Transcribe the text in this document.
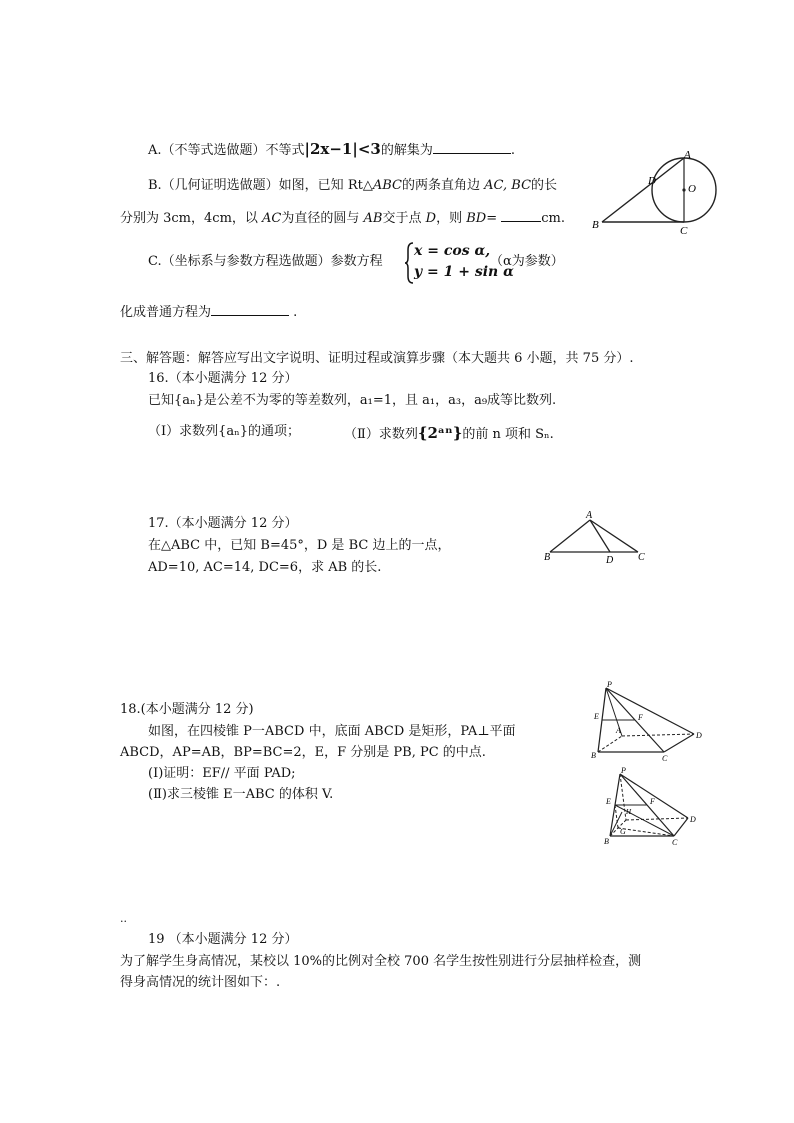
A.（不等式选做题）不等式|2x−1|<3的解集为	.	A
D
O
B	C
B.（几何证明选做题）如图，已知 Rt△ABC的两条直角边 AC, BC的长
分别为 3cm，4cm，以 AC为直径的圆与 AB交于点 D，则 BD=	cm.
C.（坐标系与参数方程选做题）参数方程
x = cos α,
y = 1 + sin α
（α为参数）
化成普通方程为	.
三、解答题：解答应写出文字说明、证明过程或演算步骤（本大题共 6 小题，共 75 分）.
16.（本小题满分 12 分）
已知{aₙ}是公差不为零的等差数列，a₁=1，且 a₁，a₃，a₉成等比数列.
（Ⅰ）求数列{aₙ}的通项；	（Ⅱ）求数列{2ᵃⁿ}的前 n 项和 Sₙ.
17.（本小题满分 12 分）
在△ABC 中，已知 B=45°，D 是 BC 边上的一点，
AD=10, AC=14, DC=6，求 AB 的长.
A
B	D C
18.(本小题满分 12 分)
如图，在四棱锥 P一ABCD 中，底面 ABCD 是矩形，PA⊥平面
ABCD，AP=AB，BP=BC=2，E，F 分别是 PB, PC 的中点.
(Ⅰ)证明：EF// 平面 PAD;
(Ⅱ)求三棱锥 E一ABC 的体积 V.
P
E	F
A
B	C
D
P
E	F
H
G
B	C
D
..
19 （本小题满分 12 分）
为了解学生身高情况，某校以 10%的比例对全校 700 名学生按性别进行分层抽样检查，测
得身高情况的统计图如下：.
